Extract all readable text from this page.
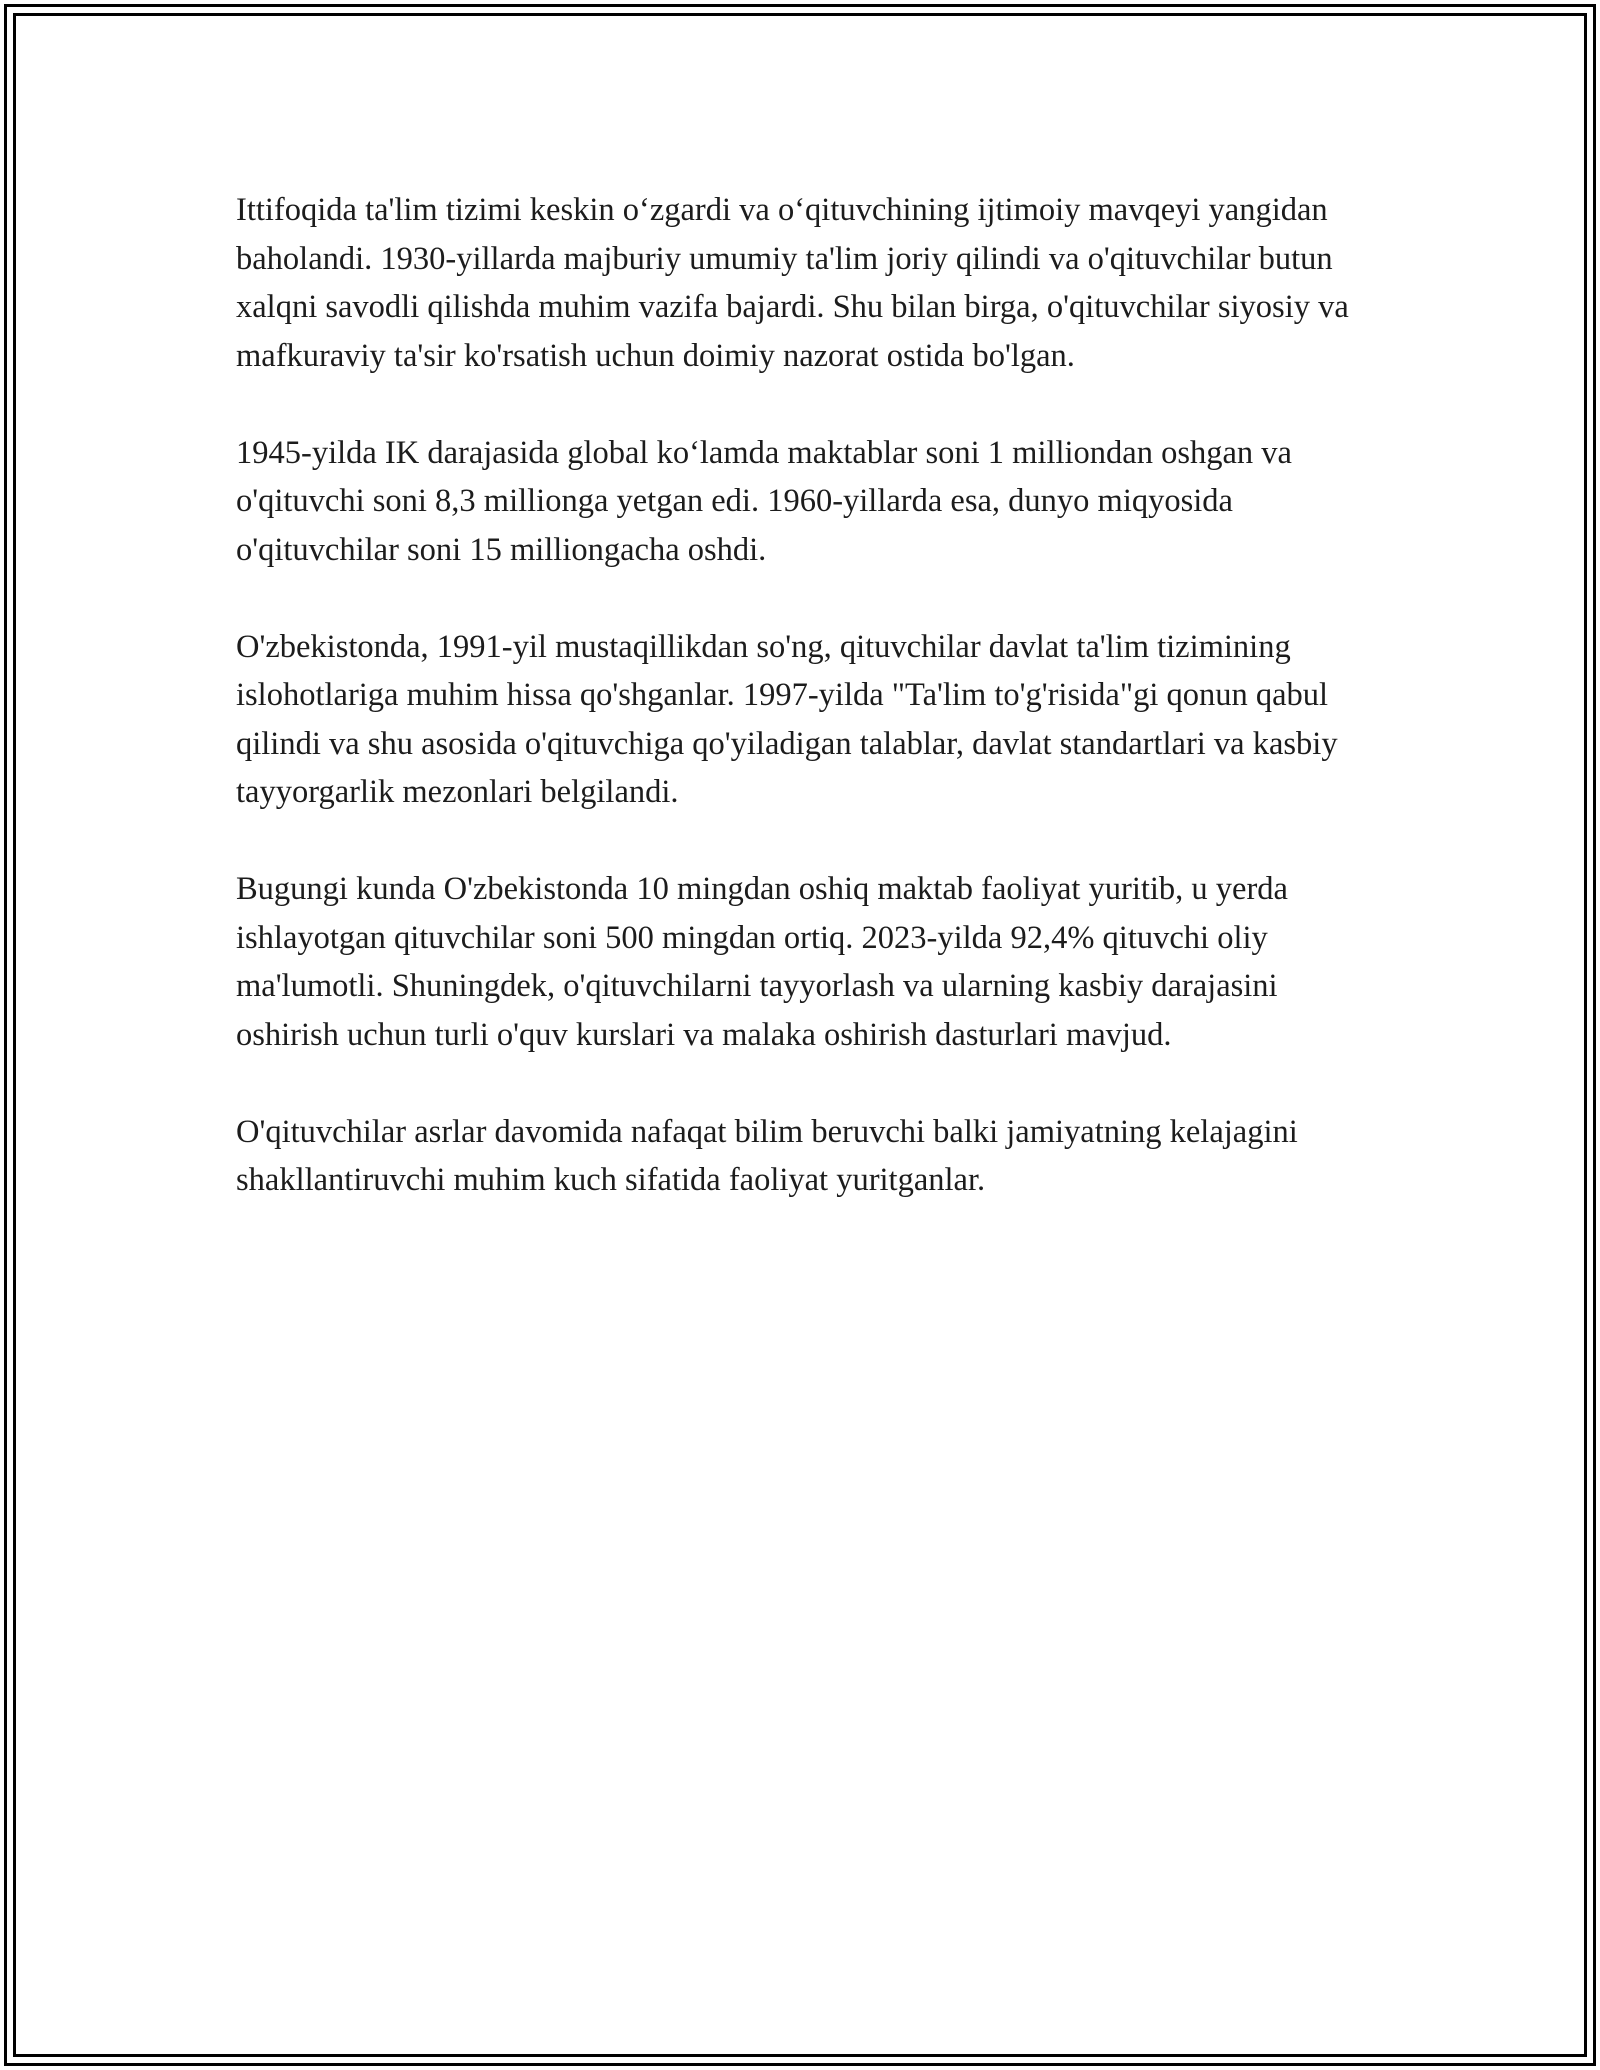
Ittifoqida ta'lim tizimi keskin o‘zgardi va o‘qituvchining ijtimoiy mavqeyi yangidan baholandi. 1930-yillarda majburiy umumiy ta'lim joriy qilindi va o'qituvchilar butun xalqni savodli qilishda muhim vazifa bajardi. Shu bilan birga, o'qituvchilar siyosiy va mafkuraviy ta'sir ko'rsatish uchun doimiy nazorat ostida bo'lgan.

1945-yilda IK darajasida global ko‘lamda maktablar soni 1 milliondan oshgan va o'qituvchi soni 8,3 millionga yetgan edi. 1960-yillarda esa, dunyo miqyosida o'qituvchilar soni 15 milliongacha oshdi.

O'zbekistonda, 1991-yil mustaqillikdan so'ng, qituvchilar davlat ta'lim tizimining islohotlariga muhim hissa qo'shganlar. 1997-yilda "Ta'lim to'g'risida"gi qonun qabul qilindi va shu asosida o'qituvchiga qo'yiladigan talablar, davlat standartlari va kasbiy tayyorgarlik mezonlari belgilandi.

Bugungi kunda O'zbekistonda 10 mingdan oshiq maktab faoliyat yuritib, u yerda ishlayotgan qituvchilar soni 500 mingdan ortiq. 2023-yilda 92,4% qituvchi oliy ma'lumotli. Shuningdek, o'qituvchilarni tayyorlash va ularning kasbiy darajasini oshirish uchun turli o'quv kurslari va malaka oshirish dasturlari mavjud.

O'qituvchilar asrlar davomida nafaqat bilim beruvchi balki jamiyatning kelajagini shakllantiruvchi muhim kuch sifatida faoliyat yuritganlar.
